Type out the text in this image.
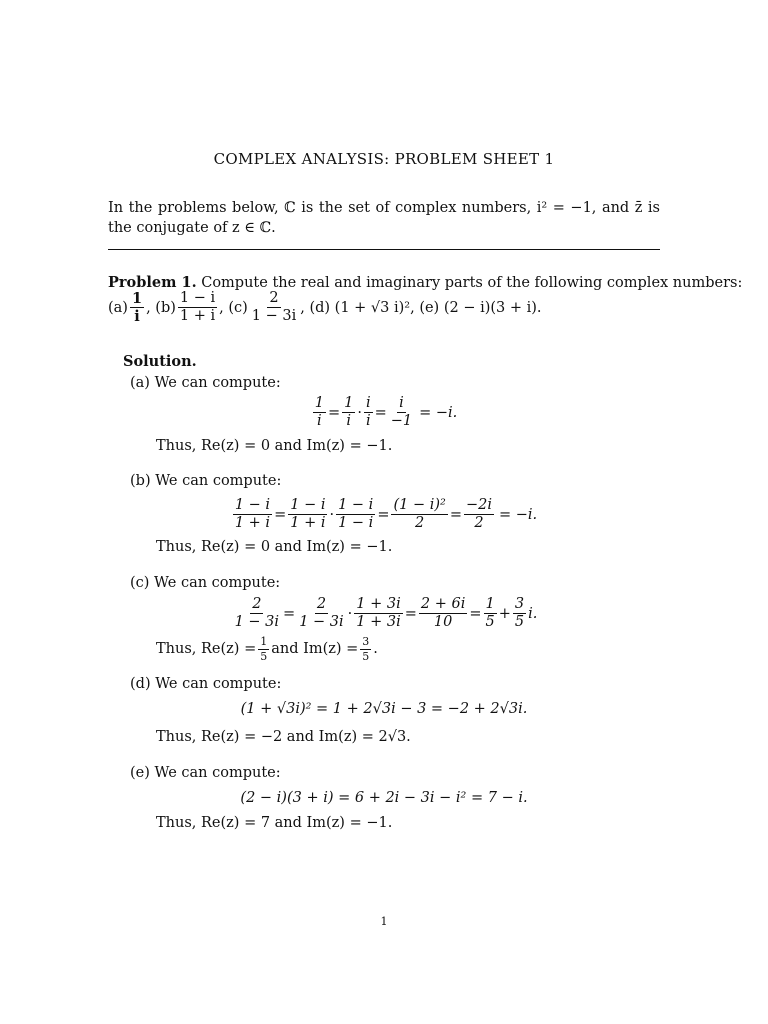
COMPLEX ANALYSIS: PROBLEM SHEET 1
In the problems below, ℂ is the set of complex numbers, i² = −1, and z̄ is the conjugate of z ∈ ℂ.
Problem 1. Compute the real and imaginary parts of the following complex numbers:
$(a) \frac{1}{i}$ , $(b) \frac{1 - i}{1 + i}$ , $(c) \frac{2}{1 - 3i}$ , (d) (1 + √3 i)², (e) (2 − i)(3 + i).
Solution.
(a) We can compute:
$\frac{1}{i} = \frac{1}{i} \cdot \frac{i}{i} = \frac{i}{-1} = -i$.
Thus, Re(z) = 0 and Im(z) = −1.
(b) We can compute:
$\frac{1 - i}{1 + i} = \frac{1 - i}{1 + i} \cdot \frac{1 - i}{1 - i} = \frac{\text{(1 − i)²}}{2} = \frac{-2i}{2} = -i$.
Thus, Re(z) = 0 and Im(z) = −1.
(c) We can compute:
$\frac{2}{1 - 3i} = \frac{2}{1 - 3i} \cdot \frac{1 + 3i}{1 + 3i} = \frac{2 + 6i}{10} = \frac{1}{5} + \frac{3}{5} i$.
Thus, $Re(z) = \frac{1}{5}$ and $Im(z) = \frac{3}{5}$ .
(d) We can compute:
(1 + √3i)² = 1 + 2√3i − 3 = −2 + 2√3i.
Thus, Re(z) = −2 and Im(z) = 2√3.
(e) We can compute:
(2 − i)(3 + i) = 6 + 2i − 3i − i² = 7 − i.
Thus, Re(z) = 7 and Im(z) = −1.
1
